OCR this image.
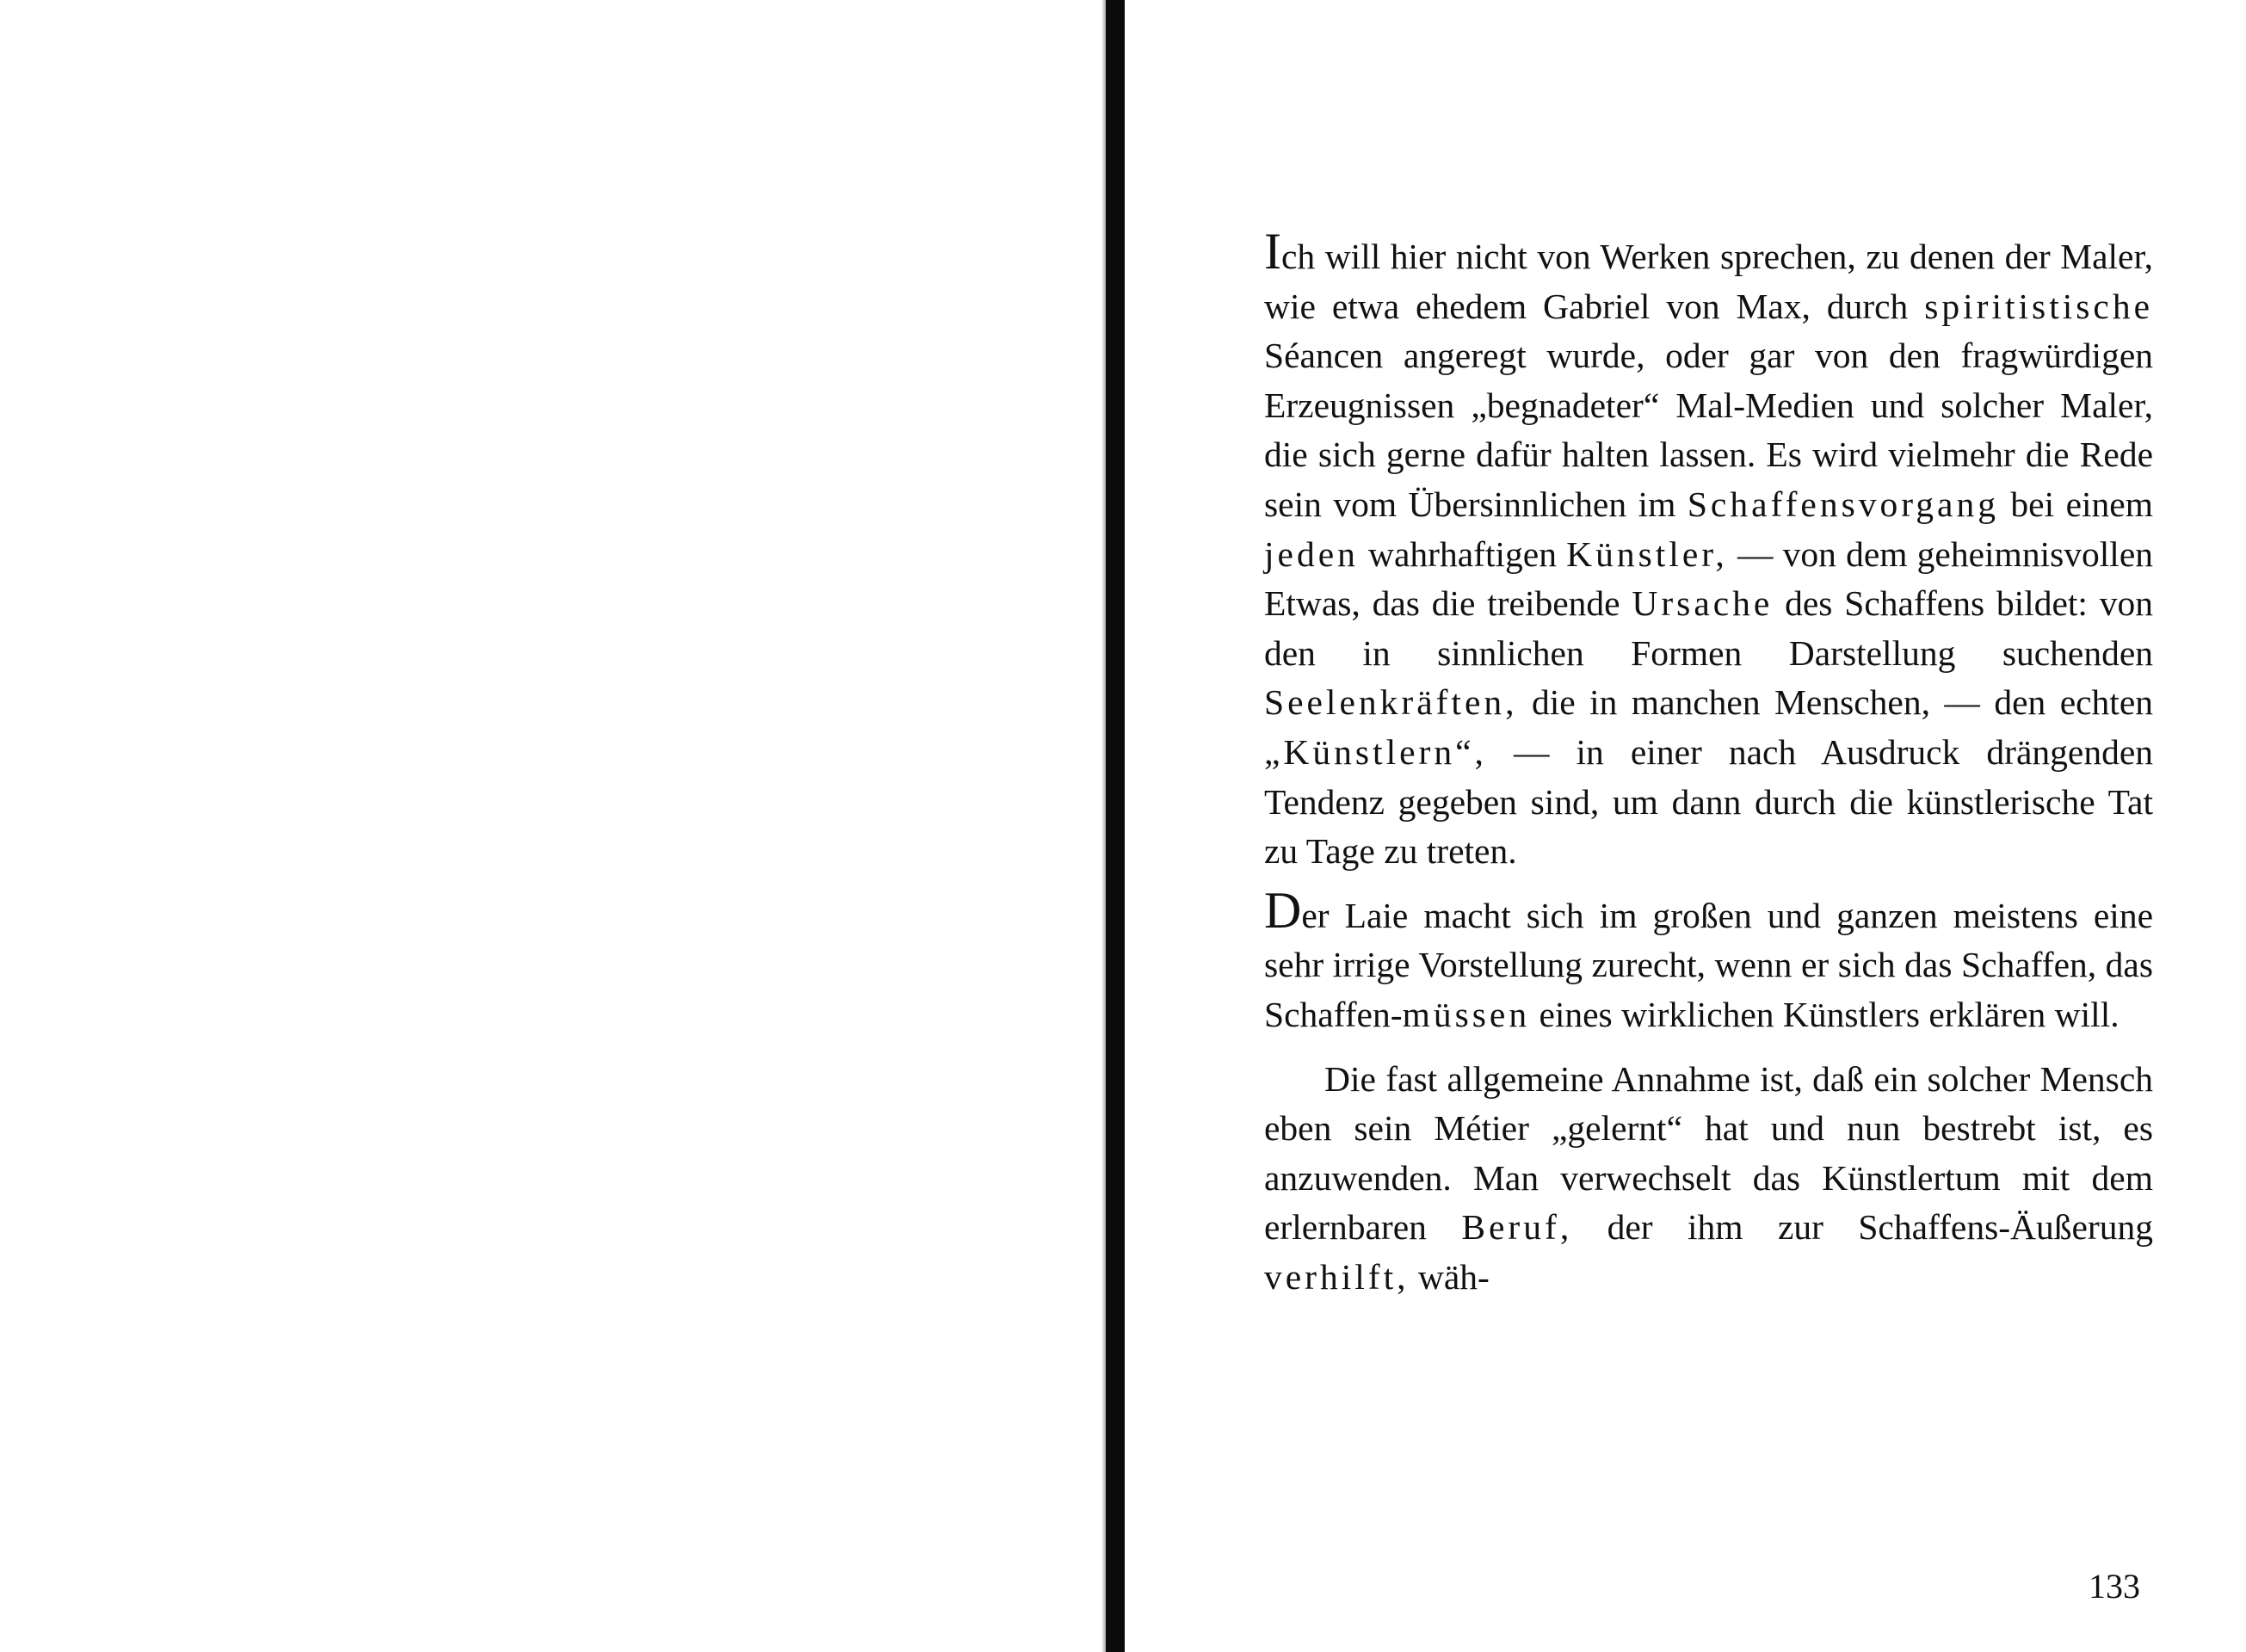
Ich will hier nicht von Werken sprechen, zu denen der Maler, wie etwa ehedem Gabriel von Max, durch spiritistische Séancen angeregt wurde, oder gar von den fragwürdigen Erzeugnissen „begnadeter“ Mal-Medien und solcher Maler, die sich gerne dafür halten lassen. Es wird vielmehr die Rede sein vom Übersinnlichen im Schaffensvorgang bei einem jeden wahrhaftigen Künstler, — von dem geheimnisvollen Etwas, das die treibende Ursache des Schaffens bildet: von den in sinnlichen Formen Darstellung suchenden Seelenkräften, die in manchen Menschen, — den echten „Künstlern“, — in einer nach Ausdruck drängenden Tendenz gegeben sind, um dann durch die künstlerische Tat zu Tage zu treten.

Der Laie macht sich im großen und ganzen meistens eine sehr irrige Vorstellung zurecht, wenn er sich das Schaffen, das Schaffen-müssen eines wirklichen Künstlers erklären will.

Die fast allgemeine Annahme ist, daß ein solcher Mensch eben sein Métier „gelernt“ hat und nun bestrebt ist, es anzuwenden. Man verwechselt das Künstlertum mit dem erlernbaren Beruf, der ihm zur Schaffens-Äußerung verhilft, wäh-

133
